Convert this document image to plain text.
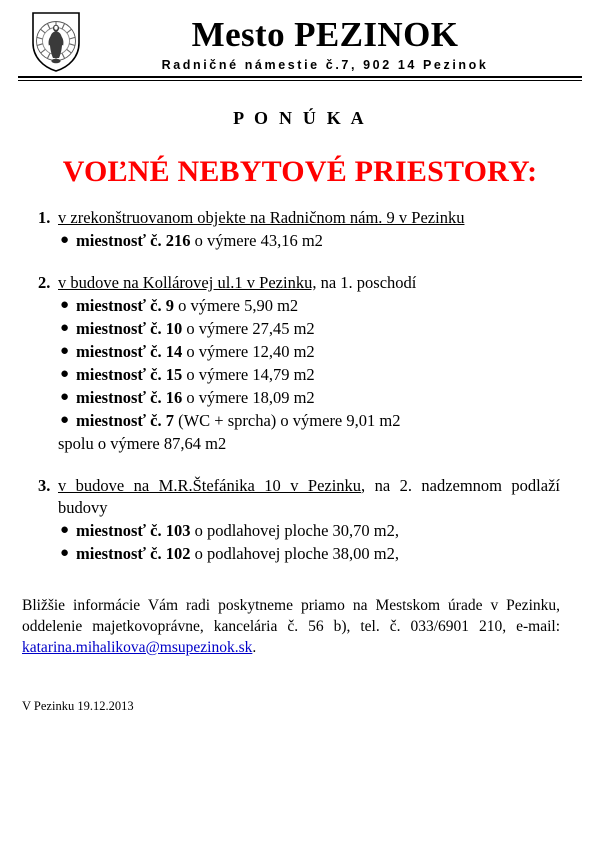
Mesto PEZINOK
Radničné námestie č.7, 902 14 Pezinok
P O N Ú K A
VOĽNÉ NEBYTOVÉ PRIESTORY:
1. v zrekonštruovanom objekte na Radničnom nám. 9 v Pezinku

● miestnosť č. 216 o výmere 43,16 m2
2. v budove na Kollárovej ul.1 v Pezinku, na 1. poschodí

● miestnosť č. 9 o výmere 5,90 m2
● miestnosť č. 10 o výmere 27,45 m2
● miestnosť č. 14 o výmere 12,40 m2
● miestnosť č. 15 o výmere 14,79 m2
● miestnosť č. 16 o výmere 18,09 m2
● miestnosť č. 7 (WC + sprcha) o výmere 9,01 m2

spolu o výmere 87,64 m2

3. v budove na M.R.Štefánika 10 v Pezinku, na 2. nadzemnom podlaží budovy

● miestnosť č. 103 o podlahovej ploche 30,70 m2,
● miestnosť č. 102 o podlahovej ploche 38,00 m2,

Bližšie informácie Vám radi poskytneme priamo na Mestskom úrade v Pezinku, oddelenie majetkovoprávne, kancelária č. 56 b), tel. č. 033/6901 210, e-mail: katarina.mihalikova@msupezinok.sk.

V Pezinku 19.12.2013
